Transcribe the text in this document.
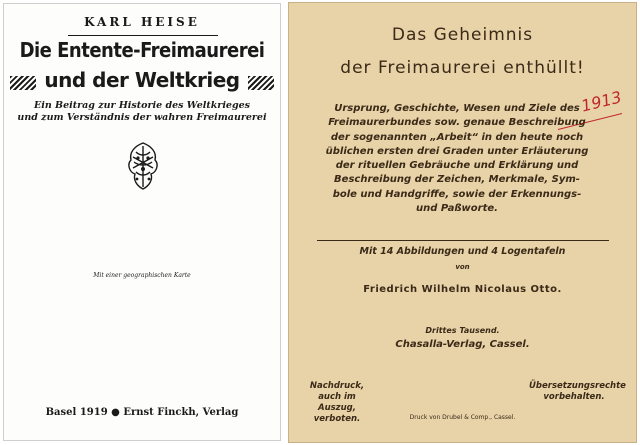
KARL HEISE
Die Entente-Freimaurerei
und der Weltkrieg
Ein Beitrag zur Historie des Weltkrieges
und zum Verständnis der wahren Freimaurerei
Mit einer geographischen Karte
Basel 1919 ● Ernst Finckh, Verlag
Das Geheimnis
der Freimaurerei enthüllt!
1913
Ursprung, Geschichte, Wesen und Ziele des
Freimaurerbundes sow. genaue Beschreibung
der sogenannten „Arbeit“ in den heute noch
üblichen ersten drei Graden unter Erläuterung
der rituellen Gebräuche und Erklärung und
Beschreibung der Zeichen, Merkmale, Sym-
bole und Handgriffe, sowie der Erkennungs-
und Paßworte.
Mit 14 Abbildungen und 4 Logentafeln
von
Friedrich Wilhelm Nicolaus Otto.
Drittes Tausend.
Chasalla-Verlag, Cassel.
Nachdruck, auch im Auszug, verboten.
Übersetzungsrechte vorbehalten.
Druck von Drubel & Comp., Cassel.
